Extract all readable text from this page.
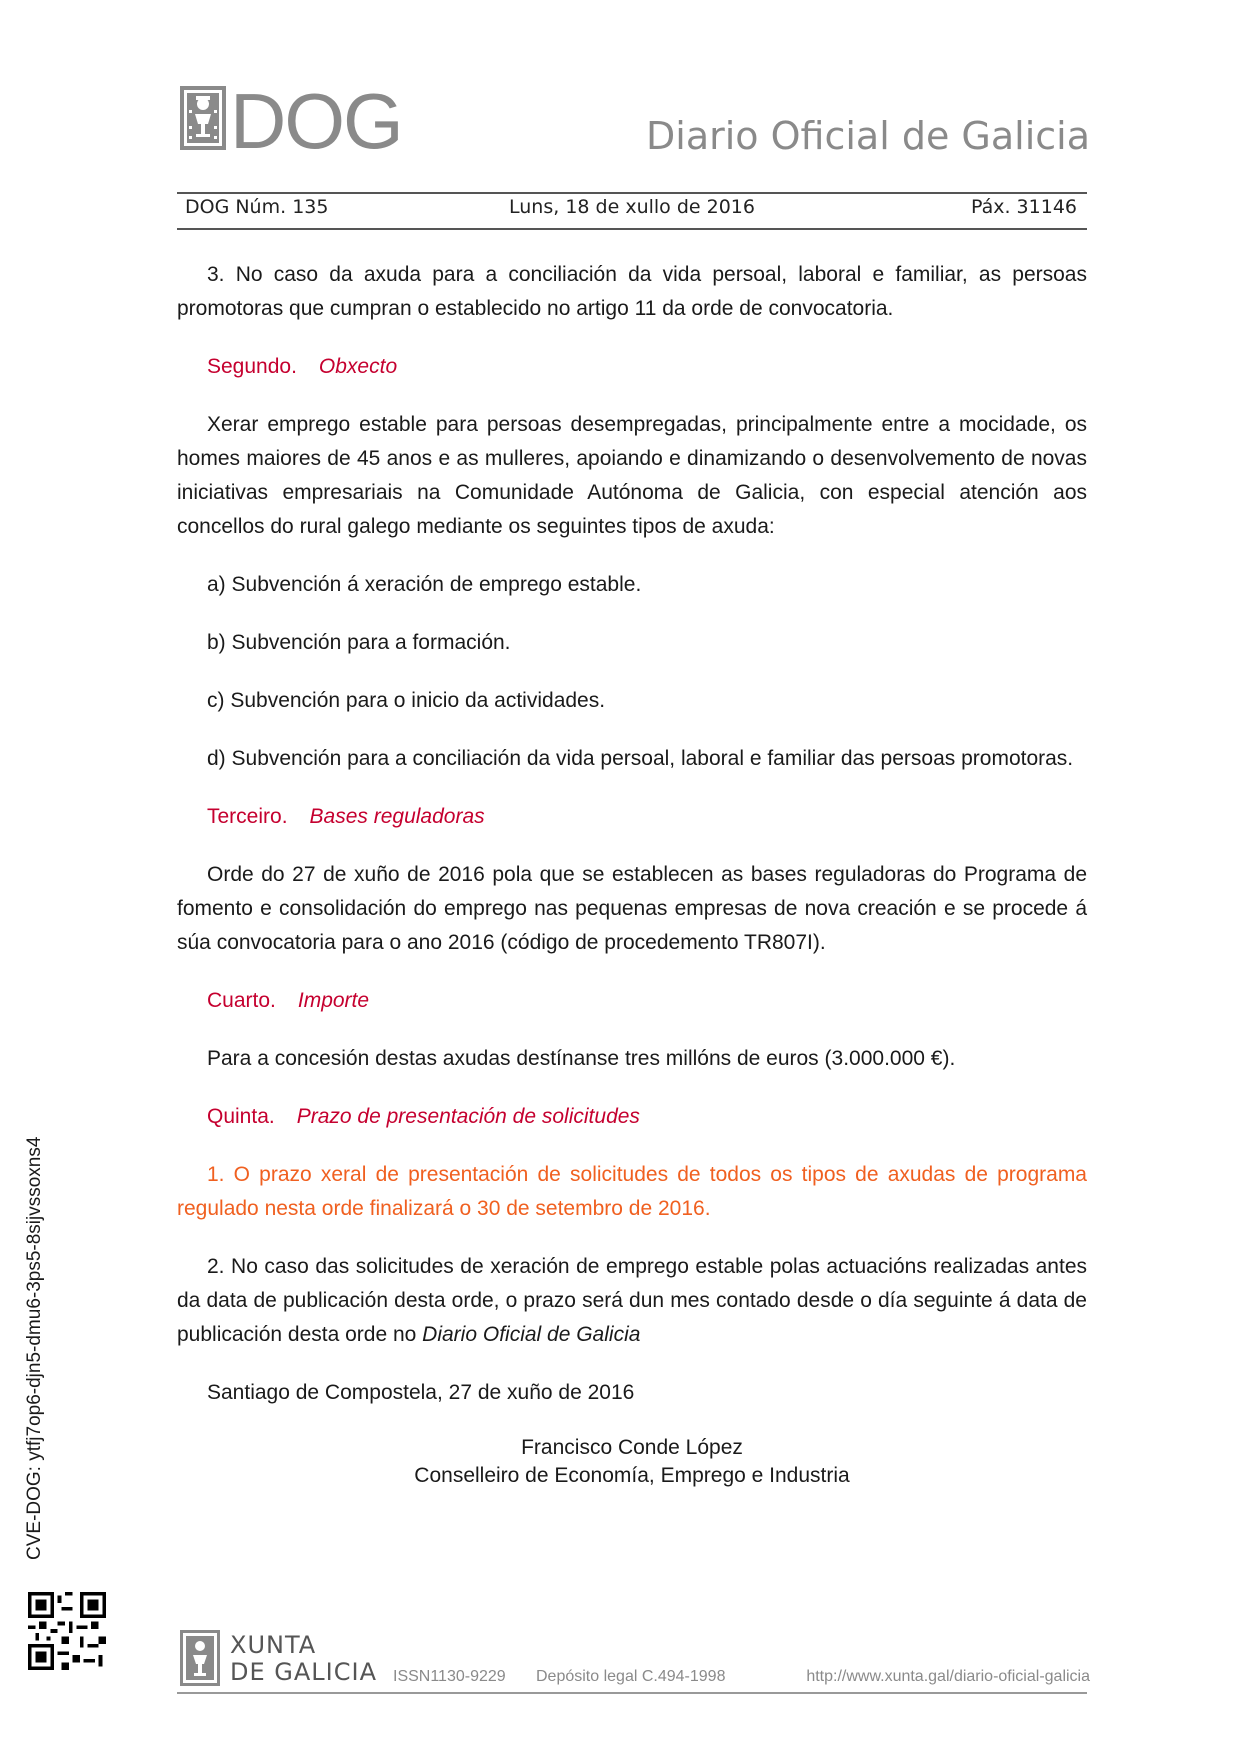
DOG	Diario Oficial de Galicia
DOG Núm. 135	Luns, 18 de xullo de 2016	Páx. 31146

3. No caso da axuda para a conciliación da vida persoal, laboral e familiar, as persoas promotoras que cumpran o establecido no artigo 11 da orde de convocatoria.

Segundo. Obxecto

Xerar emprego estable para persoas desempregadas, principalmente entre a mocidade, os homes maiores de 45 anos e as mulleres, apoiando e dinamizando o desenvolvemento de novas iniciativas empresariais na Comunidade Autónoma de Galicia, con especial atención aos concellos do rural galego mediante os seguintes tipos de axuda:

a) Subvención á xeración de emprego estable.

b) Subvención para a formación.

c) Subvención para o inicio da actividades.

d) Subvención para a conciliación da vida persoal, laboral e familiar das persoas promotoras.

Terceiro. Bases reguladoras

Orde do 27 de xuño de 2016 pola que se establecen as bases reguladoras do Programa de fomento e consolidación do emprego nas pequenas empresas de nova creación e se procede á súa convocatoria para o ano 2016 (código de procedemento TR807I).

Cuarto. Importe

Para a concesión destas axudas destínanse tres millóns de euros (3.000.000 €).

Quinta. Prazo de presentación de solicitudes

1. O prazo xeral de presentación de solicitudes de todos os tipos de axudas de programa regulado nesta orde finalizará o 30 de setembro de 2016.

2. No caso das solicitudes de xeración de emprego estable polas actuacións realizadas antes da data de publicación desta orde, o prazo será dun mes contado desde o día seguinte á data de publicación desta orde no Diario Oficial de Galicia

Santiago de Compostela, 27 de xuño de 2016

Francisco Conde López

Conselleiro de Economía, Emprego e Industria

CVE-DOG: ytfj7op6-djn5-dmu6-3ps5-8sijvssoxns4
XUNTA
DE GALICIA ISSN1130-9229 Depósito legal C.494-1998	http://www.xunta.gal/diario-oficial-galicia
